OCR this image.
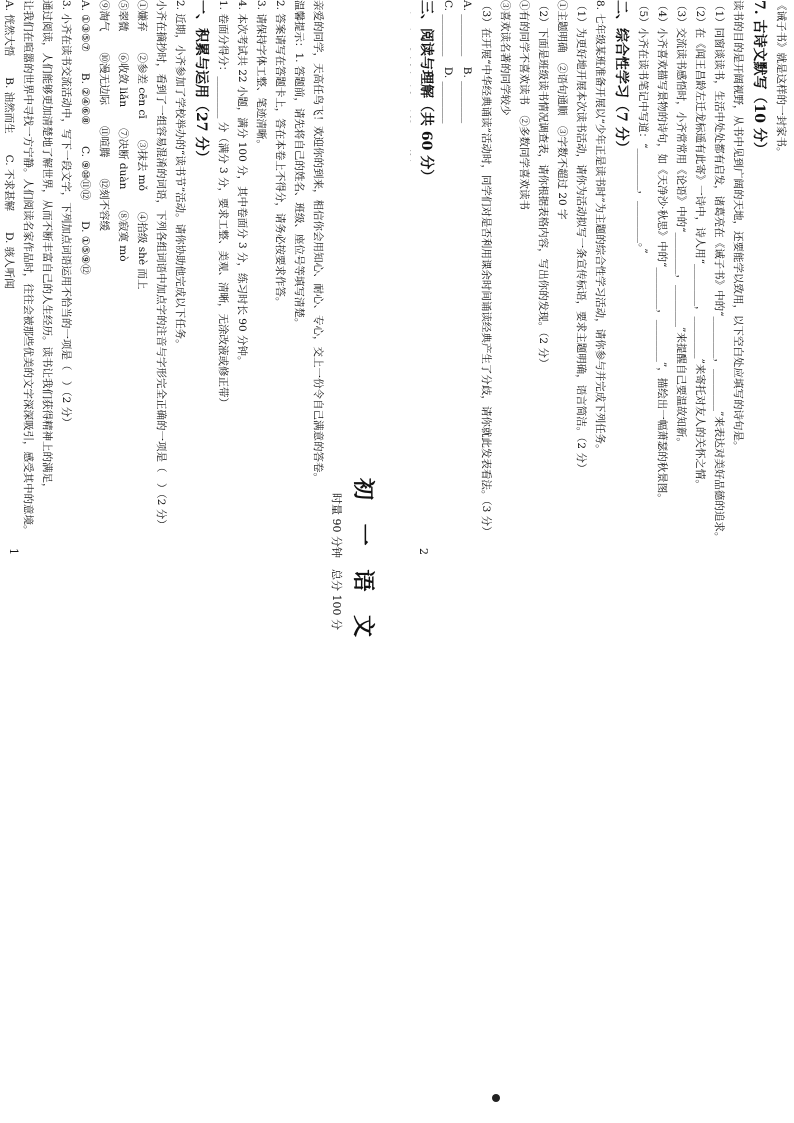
初 一 语 文

时量 90 分钟　总分 100 分

亲爱的同学，天高任鸟飞！欢迎你的到来，相信你会用知心、耐心、专心，交上一份令自己满意的答卷。

温馨提示：1. 答题前，请先将自己的姓名、班级、座位号等填写清楚。

2. 答案请写在答题卡上，答在本卷上不得分，请务必按要求作答。

3. 请保持字体工整、笔迹清晰。

4. 本次考试共 22 小题，满分 100 分，其中卷面分 3 分，练习时长 90 分钟。

1. 卷面分得分：________ 分（满分 3 分，要求工整、美观、清晰，无涂改液或修正带）

一、积累与运用（27 分）

2. 近期，小齐参加了学校举办的“读书节”活动。请你协助他完成以下任务。

小齐在摘抄时，看到了一组容易混淆的词语，下列各组词语中加点字的注音与字形完全正确的一项是（　）（2 分）

①嫌弃　　②参差 cēn cī　　③抹去 mǒ　　④拾级 shè 而上

⑤翠微　　⑥收敛 liǎn　　⑦决断 duàn　　⑧寂寞 mò

⑨淘气　　⑩漫无边际　　⑪喧腾　　⑫刻不容缓

A. ①③⑤⑦　　B. ②④⑥⑧　　C. ⑨⑩⑪⑫　　D. ①⑤⑨⑫

3. 小齐在读书交流活动中，写下一段文字，下列加点词语运用不恰当的一项是（　）（2 分）

通过阅读，人们能够更加清楚地了解世界，从而不断丰富自己的人生经历。读书让我们获得精神上的满足，

让我们在喧嚣的世界中寻找一方宁静。人们阅读名家作品时，往往会被那些优美的文字深深吸引，感受其中的意境。

A. 恍然大悟　　B. 油然而生　　C. 不求甚解　　D. 骇人听闻

1

《诫子书》就是这样的一封家书。

7. 古诗文默写（10 分）

读书的目的是开阔视野，从书中见到广阔的天地，还要能学以致用，以下空白处应填写的诗句是。

（1）同窗谈读书，生活中处处都有启发，诸葛亮在《诫子书》中的“________，________”来表达对美好品德的追求。

（2）在《闻王昌龄左迁龙标遥有此寄》一诗中，诗人用“________，________”来寄托对友人的关怀之情。

（3）交流读书感悟时，小齐常常用《论语》中的“________，________”来提醒自己要温故知新。

（4）小齐喜欢描写景物的诗句，如《天净沙·秋思》中的“________，________”，描绘出一幅萧瑟的秋景图。

（5）小齐在读书笔记中写道：“________，________。”

二、综合性学习（7 分）

8. 七年级某班准备开展以“少年正是读书时”为主题的综合性学习活动，请你参与并完成下列任务。

（1）为更好地开展本次读书活动，请你为活动拟写一条宣传标语，要求主题明确，语言简洁。（2 分）

①主题明确　②语句通顺　③字数不超过 20 字

（2）下面是班级读书情况调查表，请你根据表格内容，写出你的发现。（2 分）

①有的同学不喜欢读书　②多数同学喜欢读书

③喜欢读名著的同学较少

（3）在开展“中华经典诵读”活动时，同学们对是否利用课余时间诵读经典产生了分歧，请你就此发表看法。（3 分）

A. ________　B. ________

C. ________　D. ________

三、阅读与理解（共 60 分）

2
